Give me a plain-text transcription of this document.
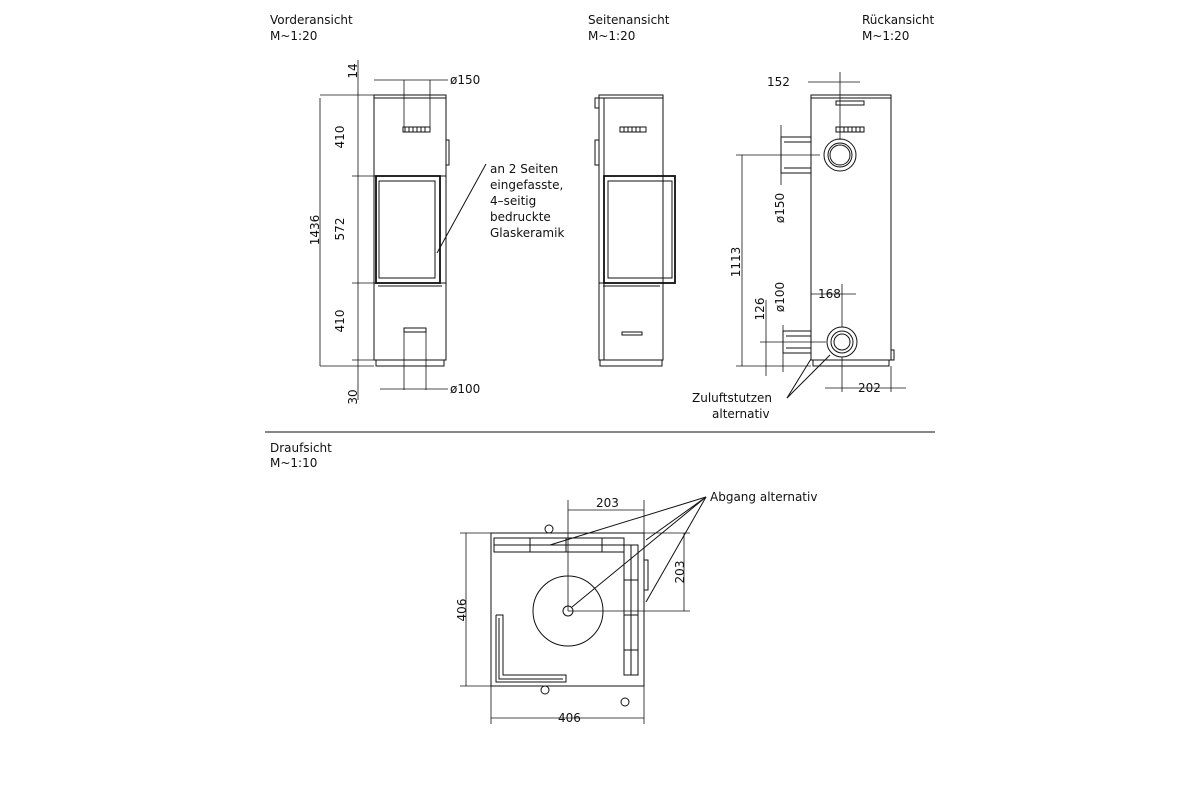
Vorderansicht
M~1:20
Seitenansicht
M~1:20
Rückansicht
M~1:20
Draufsicht
M~1:10
1436
14
410
572
410
30
ø150
ø100
an 2 Seiten
eingefasste,
4–seitig
bedruckte
Glaskeramik
152
1113
ø150
126 ø100	168
202
Zuluftstutzen
alternativ
203
203
406
406
Abgang alternativ
